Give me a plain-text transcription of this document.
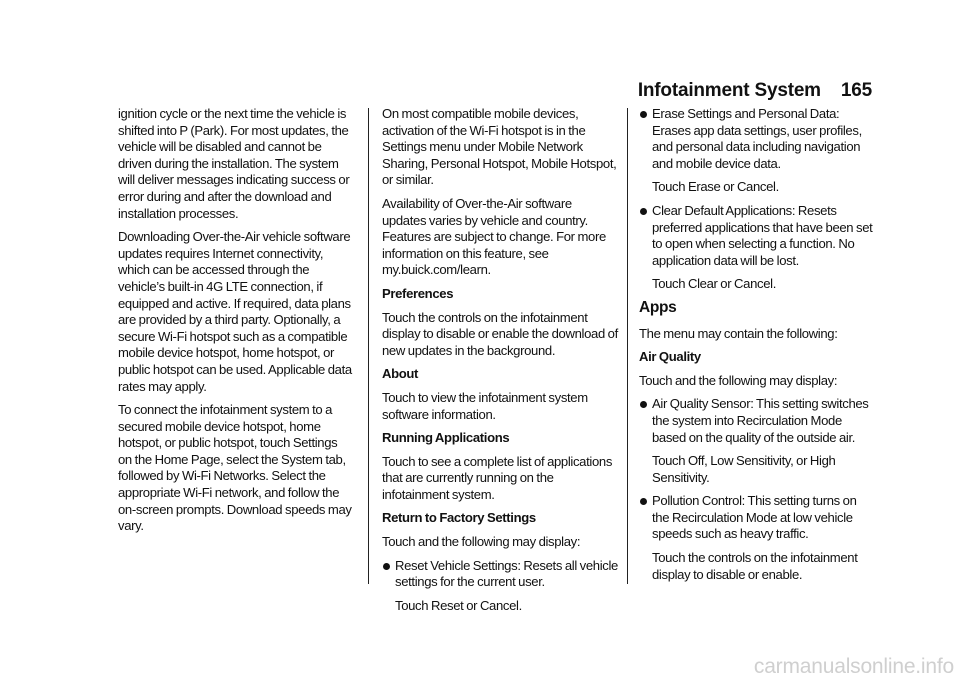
Infotainment System 165

ignition cycle or the next time the vehicle is shifted into P (Park). For most updates, the vehicle will be disabled and cannot be driven during the installation. The system will deliver messages indicating success or error during and after the download and installation processes.

Downloading Over-the-Air vehicle software updates requires Internet connectivity, which can be accessed through the vehicle’s built-in 4G LTE connection, if equipped and active. If required, data plans are provided by a third party. Optionally, a secure Wi-Fi hotspot such as a compatible mobile device hotspot, home hotspot, or public hotspot can be used. Applicable data rates may apply.

To connect the infotainment system to a secured mobile device hotspot, home hotspot, or public hotspot, touch Settings on the Home Page, select the System tab, followed by Wi-Fi Networks. Select the appropriate Wi-Fi network, and follow the on-screen prompts. Download speeds may vary.

On most compatible mobile devices, activation of the Wi-Fi hotspot is in the Settings menu under Mobile Network Sharing, Personal Hotspot, Mobile Hotspot, or similar.

Availability of Over-the-Air software updates varies by vehicle and country. Features are subject to change. For more information on this feature, see my.buick.com/learn.

Preferences

Touch the controls on the infotainment display to disable or enable the download of new updates in the background.

About

Touch to view the infotainment system software information.

Running Applications

Touch to see a complete list of applications that are currently running on the infotainment system.

Return to Factory Settings

Touch and the following may display:

Reset Vehicle Settings: Resets all vehicle settings for the current user.
Touch Reset or Cancel.
Erase Settings and Personal Data: Erases app data settings, user profiles, and personal data including navigation and mobile device data.
Touch Erase or Cancel.
Clear Default Applications: Resets preferred applications that have been set to open when selecting a function. No application data will be lost.
Touch Clear or Cancel.
Apps

The menu may contain the following:

Air Quality

Touch and the following may display:

Air Quality Sensor: This setting switches the system into Recirculation Mode based on the quality of the outside air.
Touch Off, Low Sensitivity, or High Sensitivity.
Pollution Control: This setting turns on the Recirculation Mode at low vehicle speeds such as heavy traffic.
Touch the controls on the infotainment display to disable or enable.
carmanualsonline.info
